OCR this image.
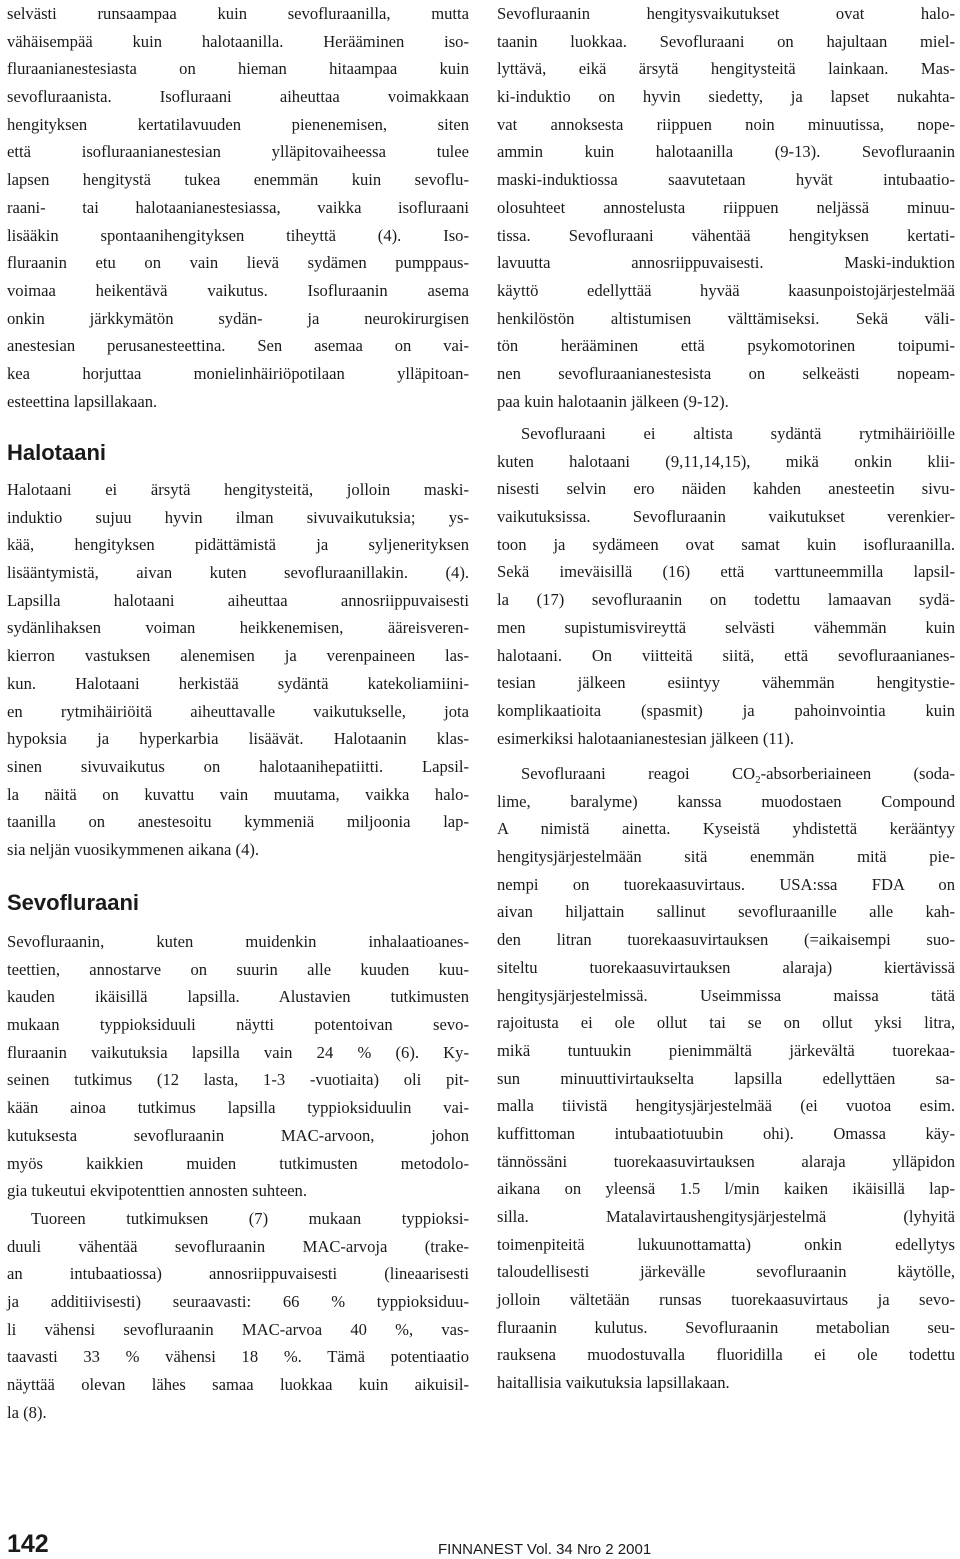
selvästi runsaampaa kuin sevofluraanilla, mutta
vähäisempää kuin halotaanilla. Herääminen iso-
fluraanianestesiasta on hieman hitaampaa kuin
sevofluraanista. Isofluraani aiheuttaa voimakkaan
hengityksen kertatilavuuden pienenemisen, siten
että isofluraanianestesian ylläpitovaiheessa tulee
lapsen hengitystä tukea enemmän kuin sevoflu-
raani- tai halotaanianestesiassa, vaikka isofluraani
lisääkin spontaanihengityksen tiheyttä (4). Iso-
fluraanin etu on vain lievä sydämen pumppaus-
voimaa heikentävä vaikutus. Isofluraanin asema
onkin järkkymätön sydän- ja neurokirurgisen
anestesian perusanesteettina. Sen asemaa on vai-
kea horjuttaa monielinhäiriöpotilaan ylläpitoan-
esteettina lapsillakaan.
Halotaani ei ärsytä hengitysteitä, jolloin maski-
induktio sujuu hyvin ilman sivuvaikutuksia; ys-
kää, hengityksen pidättämistä ja syljenerityksen
lisääntymistä, aivan kuten sevofluraanillakin. (4).
Lapsilla halotaani aiheuttaa annosriippuvaisesti
sydänlihaksen voiman heikkenemisen, ääreisveren-
kierron vastuksen alenemisen ja verenpaineen las-
kun. Halotaani herkistää sydäntä katekoliamiini-
en rytmihäiriöitä aiheuttavalle vaikutukselle, jota
hypoksia ja hyperkarbia lisäävät. Halotaanin klas-
sinen sivuvaikutus on halotaanihepatiitti. Lapsil-
la näitä on kuvattu vain muutama, vaikka halo-
taanilla on anestesoitu kymmeniä miljoonia lap-
sia neljän vuosikymmenen aikana (4).
Sevofluraanin, kuten muidenkin inhalaatioanes-
teettien, annostarve on suurin alle kuuden kuu-
kauden ikäisillä lapsilla. Alustavien tutkimusten
mukaan typpioksiduuli näytti potentoivan sevo-
fluraanin vaikutuksia lapsilla vain 24 % (6). Ky-
seinen tutkimus (12 lasta, 1-3 -vuotiaita) oli pit-
kään ainoa tutkimus lapsilla typpioksiduulin vai-
kutuksesta sevofluraanin MAC-arvoon, johon
myös kaikkien muiden tutkimusten metodolo-
gia tukeutui ekvipotenttien annosten suhteen.
Tuoreen tutkimuksen (7) mukaan typpioksi-
duuli vähentää sevofluraanin MAC-arvoja (trake-
an intubaatiossa) annosriippuvaisesti (lineaarisesti
ja additiivisesti) seuraavasti: 66 % typpioksiduu-
li vähensi sevofluraanin MAC-arvoa 40 %, vas-
taavasti 33 % vähensi 18 %. Tämä potentiaatio
näyttää olevan lähes samaa luokkaa kuin aikuisil-
la (8).
Halotaani
Sevofluraani
Sevofluraanin hengitysvaikutukset ovat halo-
taanin luokkaa. Sevofluraani on hajultaan miel-
lyttävä, eikä ärsytä hengitysteitä lainkaan. Mas-
ki-induktio on hyvin siedetty, ja lapset nukahta-
vat annoksesta riippuen noin minuutissa, nope-
ammin kuin halotaanilla (9-13). Sevofluraanin
maski-induktiossa saavutetaan hyvät intubaatio-
olosuhteet annostelusta riippuen neljässä minuu-
tissa. Sevofluraani vähentää hengityksen kertati-
lavuutta annosriippuvaisesti. Maski-induktion
käyttö edellyttää hyvää kaasunpoistojärjestelmää
henkilöstön altistumisen välttämiseksi. Sekä väli-
tön herääminen että psykomotorinen toipumi-
nen sevofluraanianestesista on selkeästi nopeam-
paa kuin halotaanin jälkeen (9-12).
Sevofluraani ei altista sydäntä rytmihäiriöille
kuten halotaani (9,11,14,15), mikä onkin klii-
nisesti selvin ero näiden kahden anesteetin sivu-
vaikutuksissa. Sevofluraanin vaikutukset verenkier-
toon ja sydämeen ovat samat kuin isofluraanilla.
Sekä imeväisillä (16) että varttuneemmilla lapsil-
la (17) sevofluraanin on todettu lamaavan sydä-
men supistumisvireyttä selvästi vähemmän kuin
halotaani. On viitteitä siitä, että sevofluraanianes-
tesian jälkeen esiintyy vähemmän hengitystie-
komplikaatioita (spasmit) ja pahoinvointia kuin
esimerkiksi halotaanianestesian jälkeen (11).
Sevofluraani reagoi $CO_2$-absorberiaineen (soda-
lime, baralyme) kanssa muodostaen Compound
A nimistä ainetta. Kyseistä yhdistettä kerääntyy
hengitysjärjestelmään sitä enemmän mitä pie-
nempi on tuorekaasuvirtaus. USA:ssa FDA on
aivan hiljattain sallinut sevofluraanille alle kah-
den litran tuorekaasuvirtauksen (=aikaisempi suo-
siteltu tuorekaasuvirtauksen alaraja) kiertävissä
hengitysjärjestelmissä. Useimmissa maissa tätä
rajoitusta ei ole ollut tai se on ollut yksi litra,
mikä tuntuukin pienimmältä järkevältä tuorekaa-
sun minuuttivirtaukselta lapsilla edellyttäen sa-
malla tiivistä hengitysjärjestelmää (ei vuotoa esim.
kuffittoman intubaatiotuubin ohi). Omassa käy-
tännössäni tuorekaasuvirtauksen alaraja ylläpidon
aikana on yleensä 1.5 l/min kaiken ikäisillä lap-
silla. Matalavirtaushengitysjärjestelmä (lyhyitä
toimenpiteitä lukuunottamatta) onkin edellytys
taloudellisesti järkevälle sevofluraanin käytölle,
jolloin vältetään runsas tuorekaasuvirtaus ja sevo-
fluraanin kulutus. Sevofluraanin metabolian seu-
rauksena muodostuvalla fluoridilla ei ole todettu
haitallisia vaikutuksia lapsillakaan.
142	FINNANEST Vol. 34 Nro 2 2001
